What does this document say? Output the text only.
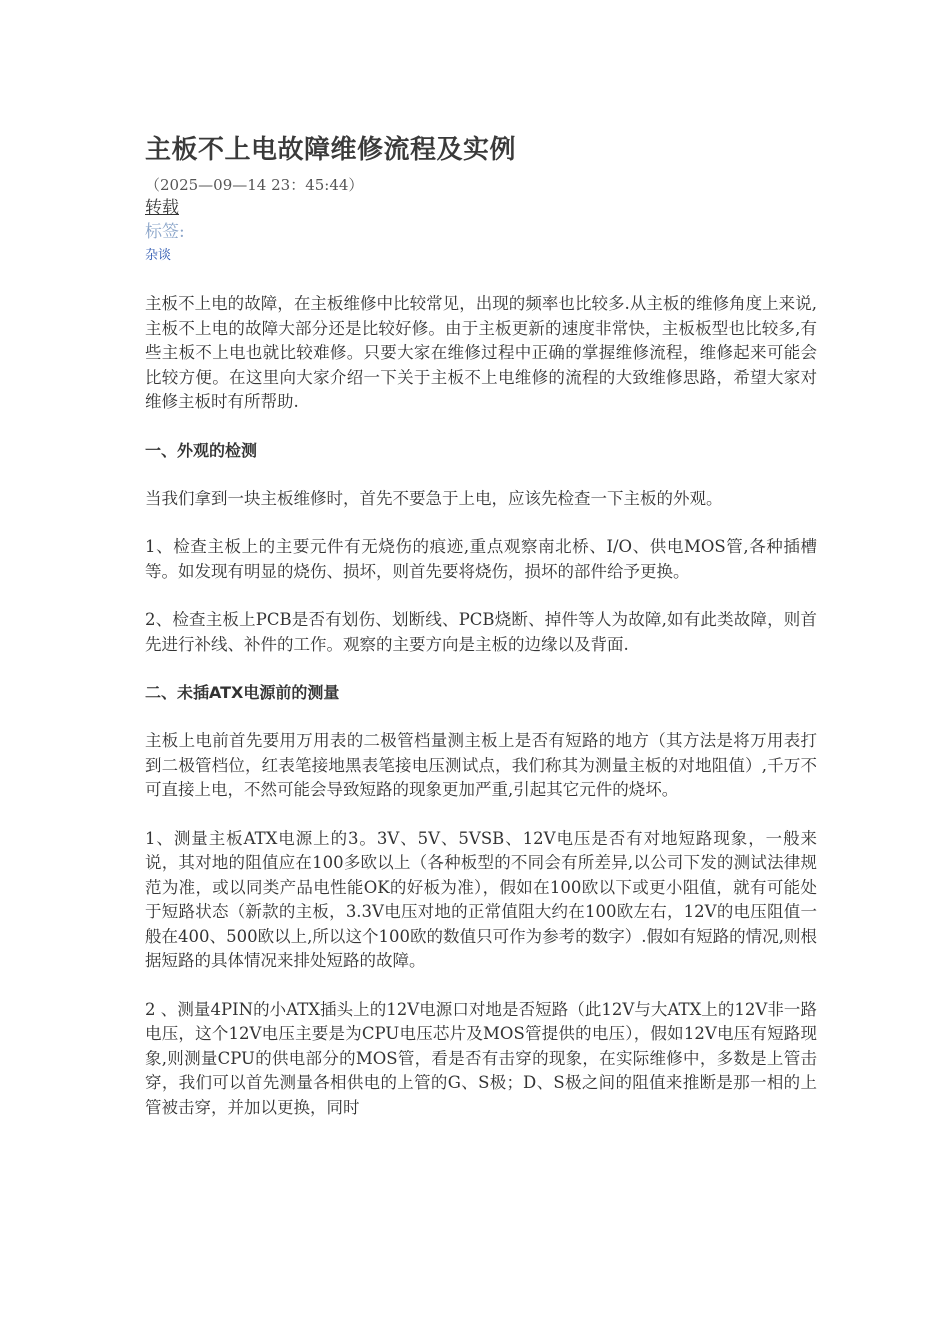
主板不上电故障维修流程及实例
（2025—09—14 23：45:44）
转载
标签:
杂谈

主板不上电的故障，在主板维修中比较常见，出现的频率也比较多.从主板的维修角度上来说,主板不上电的故障大部分还是比较好修。由于主板更新的速度非常快，主板板型也比较多,有些主板不上电也就比较难修。只要大家在维修过程中正确的掌握维修流程，维修起来可能会比较方便。在这里向大家介绍一下关于主板不上电维修的流程的大致维修思路，希望大家对维修主板时有所帮助.

一、外观的检测

当我们拿到一块主板维修时，首先不要急于上电，应该先检查一下主板的外观。

1、检查主板上的主要元件有无烧伤的痕迹,重点观察南北桥、I/O、供电MOS管,各种插槽等。如发现有明显的烧伤、损坏，则首先要将烧伤，损坏的部件给予更换。

2、检查主板上PCB是否有划伤、划断线、PCB烧断、掉件等人为故障,如有此类故障，则首先进行补线、补件的工作。观察的主要方向是主板的边缘以及背面.

二、未插ATX电源前的测量

主板上电前首先要用万用表的二极管档量测主板上是否有短路的地方（其方法是将万用表打到二极管档位，红表笔接地黑表笔接电压测试点，我们称其为测量主板的对地阻值）,千万不可直接上电，不然可能会导致短路的现象更加严重,引起其它元件的烧坏。

1、测量主板ATX电源上的3。3V、5V、5VSB、12V电压是否有对地短路现象，一般来说，其对地的阻值应在100多欧以上（各种板型的不同会有所差异,以公司下发的测试法律规范为准，或以同类产品电性能OK的好板为准），假如在100欧以下或更小阻值，就有可能处于短路状态（新款的主板，3.3V电压对地的正常值阻大约在100欧左右，12V的电压阻值一般在400、500欧以上,所以这个100欧的数值只可作为参考的数字）.假如有短路的情况,则根据短路的具体情况来排处短路的故障。

2 、测量4PIN的小ATX插头上的12V电源口对地是否短路（此12V与大ATX上的12V非一路电压，这个12V电压主要是为CPU电压芯片及MOS管提供的电压），假如12V电压有短路现象,则测量CPU的供电部分的MOS管，看是否有击穿的现象，在实际维修中，多数是上管击穿，我们可以首先测量各相供电的上管的G、S极；D、S极之间的阻值来推断是那一相的上管被击穿，并加以更换，同时
